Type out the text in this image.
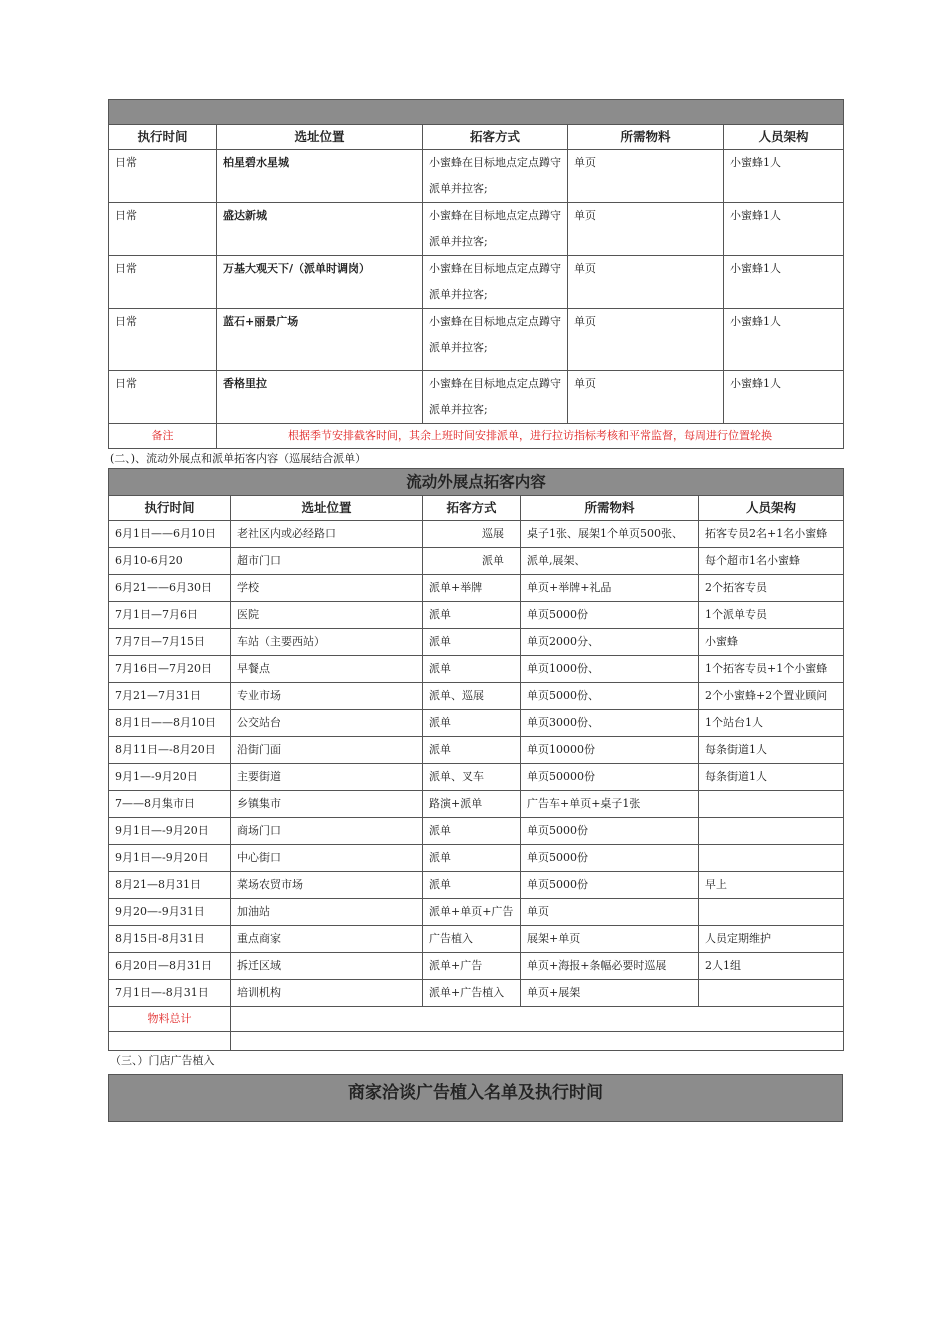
执行时间	选址位置	拓客方式	所需物料	人员架构
日常	柏星碧水星城	小蜜蜂在目标地点定点蹲守派单并拉客;	单页	小蜜蜂1人
日常	盛达新城	小蜜蜂在目标地点定点蹲守派单并拉客;	单页	小蜜蜂1人
日常	万基大观天下/（派单时调岗）	小蜜蜂在目标地点定点蹲守派单并拉客;	单页	小蜜蜂1人
日常	蓝石+丽景广场	小蜜蜂在目标地点定点蹲守派单并拉客;	单页	小蜜蜂1人
日常	香格里拉	小蜜蜂在目标地点定点蹲守派单并拉客;	单页	小蜜蜂1人
备注	根据季节安排截客时间，其余上班时间安排派单，进行拉访指标考核和平常监督，每周进行位置轮换			
(二、)、流动外展点和派单拓客内容（巡展结合派单）
流动外展点拓客内容				
执行时间	选址位置	拓客方式	所需物料	人员架构
6月1日——6月10日	老社区内或必经路口	巡展	桌子1张、展架1个单页500张、	拓客专员2名+1名小蜜蜂
6月10-6月20	超市门口	派单	派单,展架、	每个超市1名小蜜蜂
6月21——6月30日	学校	派单+举牌	单页+举牌+礼品	2个拓客专员
7月1日—7月6日	医院	派单	单页5000份	1个派单专员
7月7日—7月15日	车站（主要西站）	派单	单页2000分、	小蜜蜂
7月16日—7月20日	早餐点	派单	单页1000份、	1个拓客专员+1个小蜜蜂
7月21—7月31日	专业市场	派单、巡展	单页5000份、	2个小蜜蜂+2个置业顾问
8月1日——8月10日	公交站台	派单	单页3000份、	1个站台1人
8月11日—-8月20日	沿街门面	派单	单页10000份	每条街道1人
9月1—-9月20日	主要街道	派单、叉车	单页50000份	每条街道1人
7——8月集市日	乡镇集市	路演+派单	广告车+单页+桌子1张	
9月1日—-9月20日	商场门口	派单	单页5000份	
9月1日—-9月20日	中心街口	派单	单页5000份	
8月21—8月31日	菜场农贸市场	派单	单页5000份	早上
9月20—-9月31日	加油站	派单+单页+广告	单页	
8月15日-8月31日	重点商家	广告植入	展架+单页	人员定期维护
6月20日—8月31日	拆迁区域	派单+广告	单页+海报+条幅必要时巡展	2人1组
7月1日—-8月31日	培训机构	派单+广告植入	单页+展架	
物料总计				

（三、）门店广告植入
商家洽谈广告植入名单及执行时间
